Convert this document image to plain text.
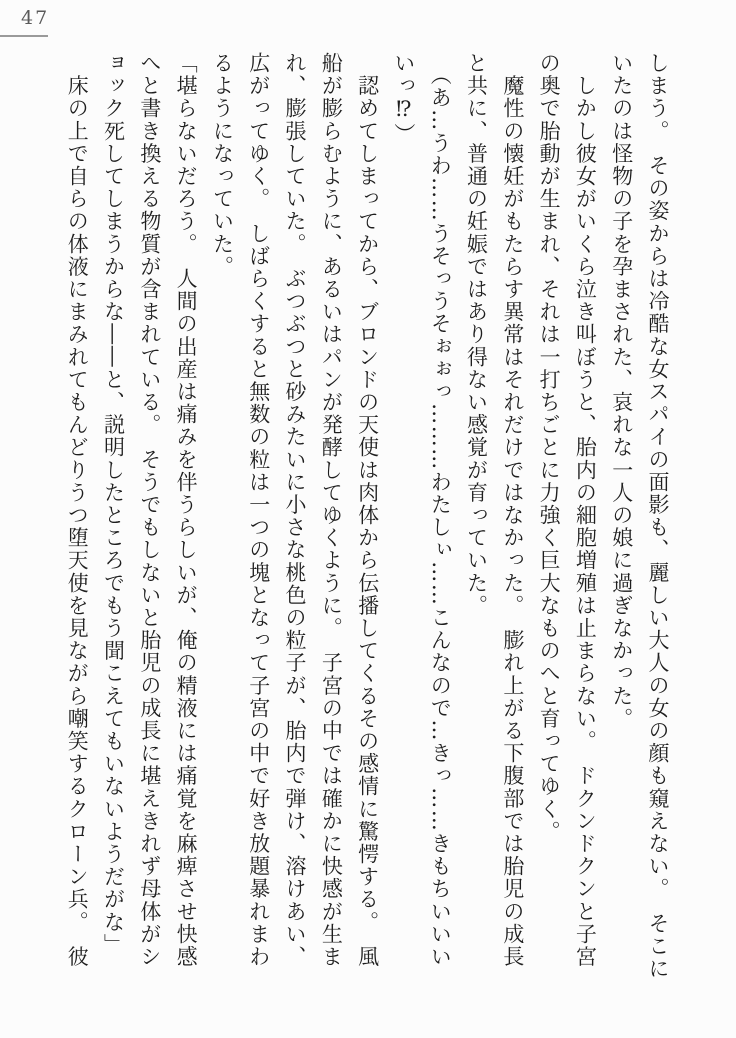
47
しまう。　その姿からは冷酷な女スパイの面影も、麗しい大人の女の顔も窺えない。　そこに
いたのは怪物の子を孕まされた、哀れな一人の娘に過ぎなかった。
　しかし彼女がいくら泣き叫ぼうと、胎内の細胞増殖は止まらない。　ドクンドクンと子宮
の奥で胎動が生まれ、それは一打ちごとに力強く巨大なものへと育ってゆく。
　魔性の懐妊がもたらす異常はそれだけではなかった。　膨れ上がる下腹部では胎児の成長
と共に、普通の妊娠ではあり得ない感覚が育っていた。
　（あ…うわ……うそっうそぉぉっ………わたしぃ……こんなので…きっ……きもちいいい
いっ⁉）
　認めてしまってから、ブロンドの天使は肉体から伝播してくるその感情に驚愕する。　風
船が膨らむように、あるいはパンが発酵してゆくように。　子宮の中では確かに快感が生ま
れ、膨張していた。　ぶつぶつと砂みたいに小さな桃色の粒子が、胎内で弾け、溶けあい、
広がってゆく。　しばらくすると無数の粒は一つの塊となって子宮の中で好き放題暴れまわ
るようになっていた。
「堪らないだろう。　人間の出産は痛みを伴うらしいが、俺の精液には痛覚を麻痺させ快感
へと書き換える物質が含まれている。　そうでもしないと胎児の成長に堪えきれず母体がシ
ョック死してしまうからな――と、説明したところでもう聞こえてもいないようだがな」
　床の上で自らの体液にまみれてもんどりうつ堕天使を見ながら嘲笑するクローン兵。　彼
